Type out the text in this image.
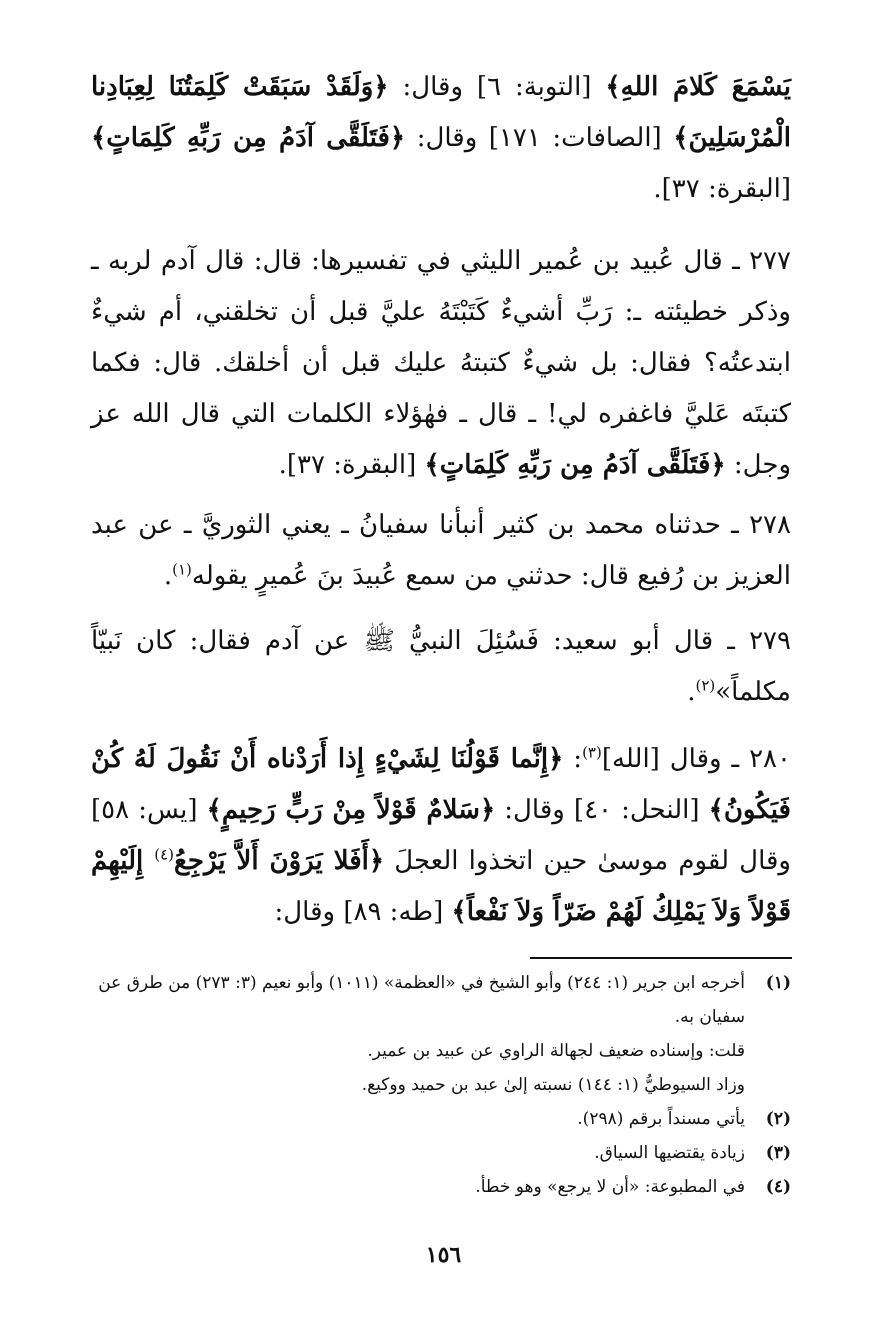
يَسْمَعَ كَلامَ اللهِ﴾ [التوبة: ٦] وقال: ﴿وَلَقَدْ سَبَقَتْ كَلِمَتُنَا لِعِبَادِنا الْمُرْسَلِينَ﴾ [الصافات: ١٧١] وقال: ﴿فَتَلَقَّى آدَمُ مِن رَبِّهِ كَلِمَاتٍ﴾ [البقرة: ٣٧].

٢٧٧ ـ قال عُبيد بن عُمير الليثي في تفسيرها: قال: قال آدم لربه ـ وذكر خطيئته ـ: رَبِّ أشيءٌ كَتَبْتَهُ عليَّ قبل أن تخلقني، أم شيءٌ ابتدعتُه؟ فقال: بل شيءٌ كتبتهُ عليك قبل أن أخلقك. قال: فكما كتبتَه عَليَّ فاغفره لي! ـ قال ـ فهٰؤلاء الكلمات التي قال الله عز وجل: ﴿فَتَلَقَّى آدَمُ مِن رَبِّهِ كَلِمَاتٍ﴾ [البقرة: ٣٧].

٢٧٨ ـ حدثناه محمد بن كثير أنبأنا سفيانُ ـ يعني الثوريَّ ـ عن عبد العزيز بن رُفيع قال: حدثني من سمع عُبيدَ بنَ عُميرٍ يقوله$^{(١)}$.

٢٧٩ ـ قال أبو سعيد: فَسُئِلَ النبيُّ ﷺ عن آدم فقال: كان نَبيّاً مكلماً»$^{(٢)}$.

٢٨٠ ـ وقال [الله]$^{(٣)}$: ﴿إِنَّما قَوْلُنَا لِشَيْءٍ إِذا أَرَدْناه أَنْ نَقُولَ لَهُ كُنْ فَيَكُونُ﴾ [النحل: ٤٠] وقال: ﴿سَلامٌ قَوْلاً مِنْ رَبٍّ رَحِيمٍ﴾ [يس: ٥٨] وقال لقوم موسىٰ حين اتخذوا العجلَ ﴿أَفَلا يَرَوْنَ أَلاَّ يَرْجِعُ$^{(٤)}$ إِلَيْهِمْ قَوْلاً وَلاَ يَمْلِكُ لَهُمْ ضَرّاً وَلاَ نَفْعاً﴾ [طه: ٨٩] وقال:

(١)
أخرجه ابن جرير (١: ٢٤٤) وأبو الشيخ في «العظمة» (١٠١١) وأبو نعيم (٣: ٢٧٣) من طرق عن سفيان به.
قلت: وإسناده ضعيف لجهالة الراوي عن عبيد بن عمير.
وزاد السيوطيُّ (١: ١٤٤) نسبته إلىٰ عبد بن حميد ووكيع.
(٢)
يأتي مسنداً برقم (٢٩٨).
(٣)
زيادة يقتضيها السياق.
(٤)
في المطبوعة: «أن لا يرجع» وهو خطأ.
١٥٦
